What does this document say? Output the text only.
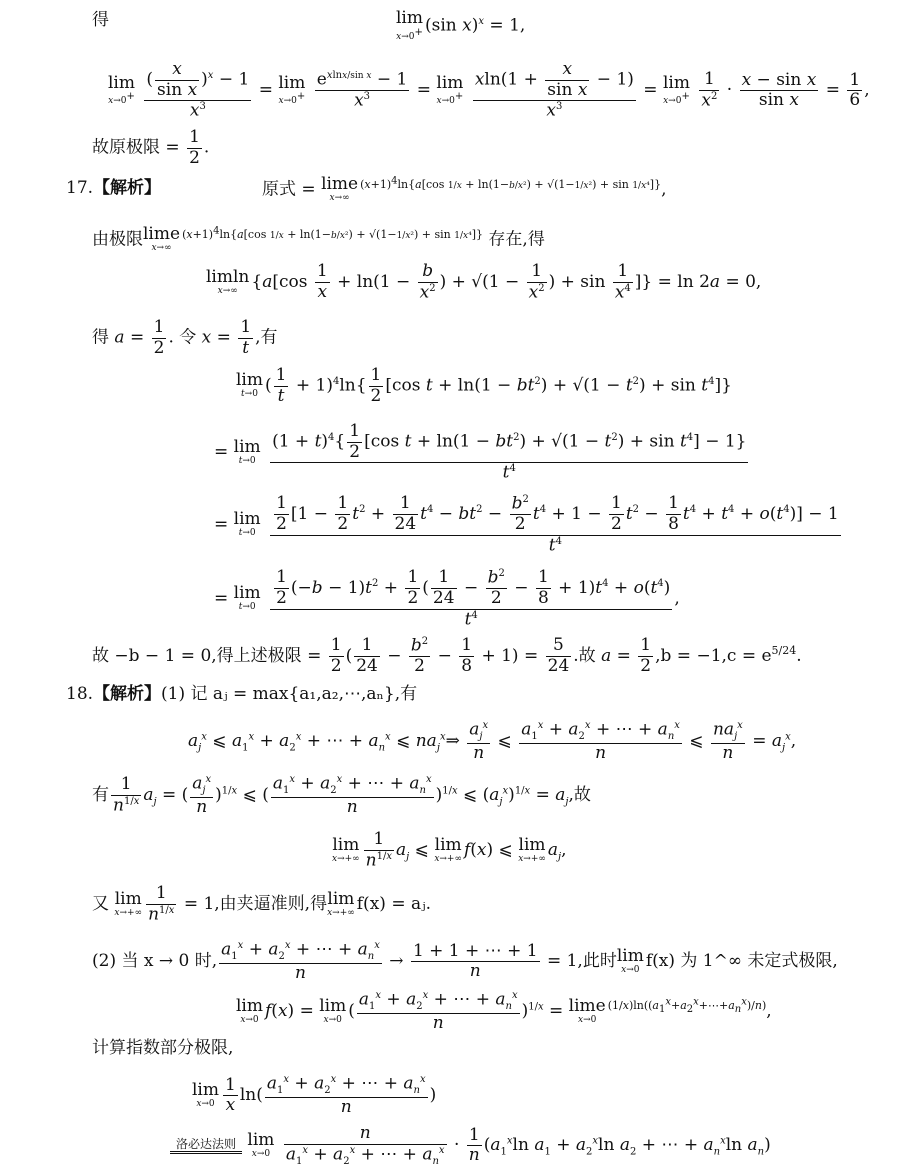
得	lim
x→0+ (sin x)$^x$ = 1,
lim
x→0+
$\frac{( \frac{x}{\text{sin x}} )^x - 1}{x^3} = \lim$
x→0+
$\frac{e^{xlnx/sin x} - 1}{x^3} = \lim$
x→0+
$\frac{xln(1 + \frac{x}{\text{sin x}} - 1)}{x^3} = \lim$
x→0+
$\frac{1}{x^2} \cdot \frac{\text{x − sin x}}{\text{sin x}} = \frac{1}{6}$ ,
故原极限 = $\frac{1}{2}$ .
17.【解析】	原式 = lime
x→∞
$^{(x+1)^4ln\{a[cos 1/x + ln(1-b/x^2) + √(1-1/x^2) + sin 1/x^4]\}}$,
由极限 lime
x→∞
$^{(x+1)^4ln\{a[cos 1/x + ln(1-b/x^2) + √(1-1/x^2) + sin 1/x^4]\}}$ 存在,得
limln
x→∞ {$a[\cos \frac{1}{x} + \ln(1 - \frac{b}{x^2}$ ) + $√(1 - \frac{1}{x^2}$ ) + $\sin \frac{1}{x^4}$ ]} = ln 2a = 0,
得 $a = \frac{1}{2}$ . 令 $x = \frac{1}{t}$ ,有
lim
t→0 ( $\frac{1}{t} + 1)^4\ln\{ \frac{1}{2} [\cos$ $t + \ln(1 - bt^2) + √(1 - t^2) + \sin t^4$]}
= lim
t→0
$\frac{(1 + t)^4\{ \frac{1}{2} [\cos t + \ln(1 - bt^2) + √(1 - t^2) + \sin t^4] - 1\}}{t^4}$
= lim
t→0
$\frac{1}{2} [1 - \frac{1}{2} t^2 + \frac{1}{24} t^4 - bt^2 - \frac{b^2}{2} t^4 + 1 - \frac{1}{2} t^2 - \frac{1}{8} t^4 + t^4 + o(t^4)] - 1$
$t^4$
= lim
t→0
$\frac{\frac{1}{2} (-b - 1)t^2 + \frac{1}{2} ( \frac{1}{24} - \frac{b^2}{2} - \frac{1}{8} + 1)t^4 + o(t^4)}{t^4}$ ,
故 −b − 1 = 0,得上述极限 = $\frac{1}{2}$ ( $\frac{1}{24} - \frac{b^2}{2} - \frac{1}{8} + 1) = \frac{5}{24}$ .故 $a = \frac{1}{2} ,b = -1,c = e^{5/24}$.
18.【解析】(1) 记 aⱼ = max{a₁,a₂,⋯,aₙ},有
$a_j^x$ ⩽ $a_1^x + a_2^x$ + ⋯ + $a_n^x$ ⩽ $na_j^x\Rightarrow \frac{a_j^x}{n}$ ⩽ $\frac{a_1^x + a_2^x + \cdots + a_n^x}{n}$ ⩽ $\frac{na_j^x}{n} = a_j^x$,
有 $\frac{1}{n^{1/x}} a_j$ = ( $\frac{a_j^x}{n} )^{1/x}$ ⩽ ( $\frac{a_1^x + a_2^x + \cdots + a_n^x}{n} )^{1/x}$ ⩽ $(a_j^x)^{1/x} = a_j$,故
lim
$x\to+\infty \frac{1}{n^{1/x}} a_j$ ⩽ lim
x→+∞ f(x) ⩽ lim
x→+∞ $a_j$,
又 lim
$x\to+\infty \frac{1}{n^{1/x}} = 1$,由夹逼准则,得 lim
x→+∞ f(x) = aⱼ.
(2) 当 x → 0 时, $\frac{a_1^x + a_2^x + \cdots + a_n^x}{n} \to \frac{1 + 1 + \cdots + 1}{n} = 1$,此时 lim
x→0 f(x) 为 1^∞ 未定式极限,
lim
x→0 f(x) = lim
x→0 ( $\frac{a_1^x + a_2^x + \cdots + a_n^x}{n} )^{1/x} = \lim e$
x→0
$^{(1/x)ln((a_1^x+a_2^x+\cdots+a_n^x)/n)}$,
计算指数部分极限,
lim
$x\to 0 \frac{1}{x} \ln( \frac{a_1^x + a_2^x + \cdots + a_n^x}{n}$ )
洛必达法则 lim
x→0
$\frac{n}{a_1^x + a_2^x + \cdots + a_n^x} \cdot \frac{1}{n} (a_1^x\ln$ $a_1 + a_2^x\ln$ $a_2$ + ⋯ + $a_n^x\ln$ $a_n$)
